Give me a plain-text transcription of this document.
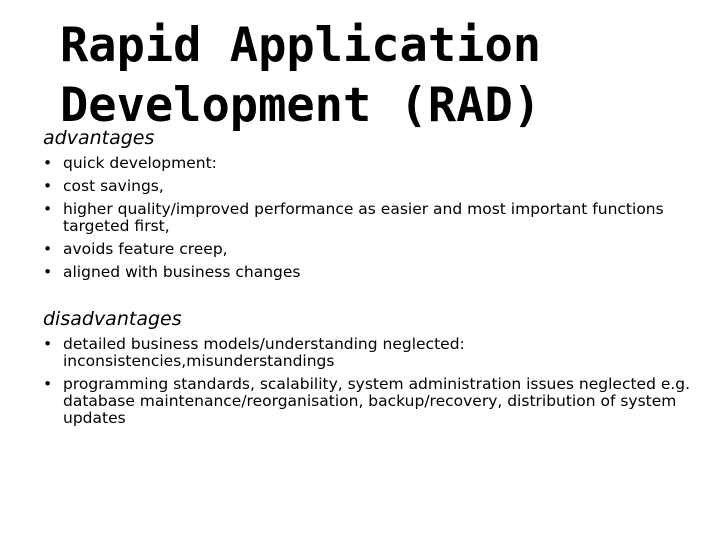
Rapid Application
Development (RAD)
advantages
• quick development:
• cost savings,
• higher quality/improved performance as easier and most important functions targeted first,
• avoids feature creep,
• aligned with business changes
disadvantages
• detailed business models/understanding neglected: inconsistencies,misunderstandings
• programming standards, scalability, system administration issues neglected e.g. database maintenance/reorganisation, backup/recovery, distribution of system updates
